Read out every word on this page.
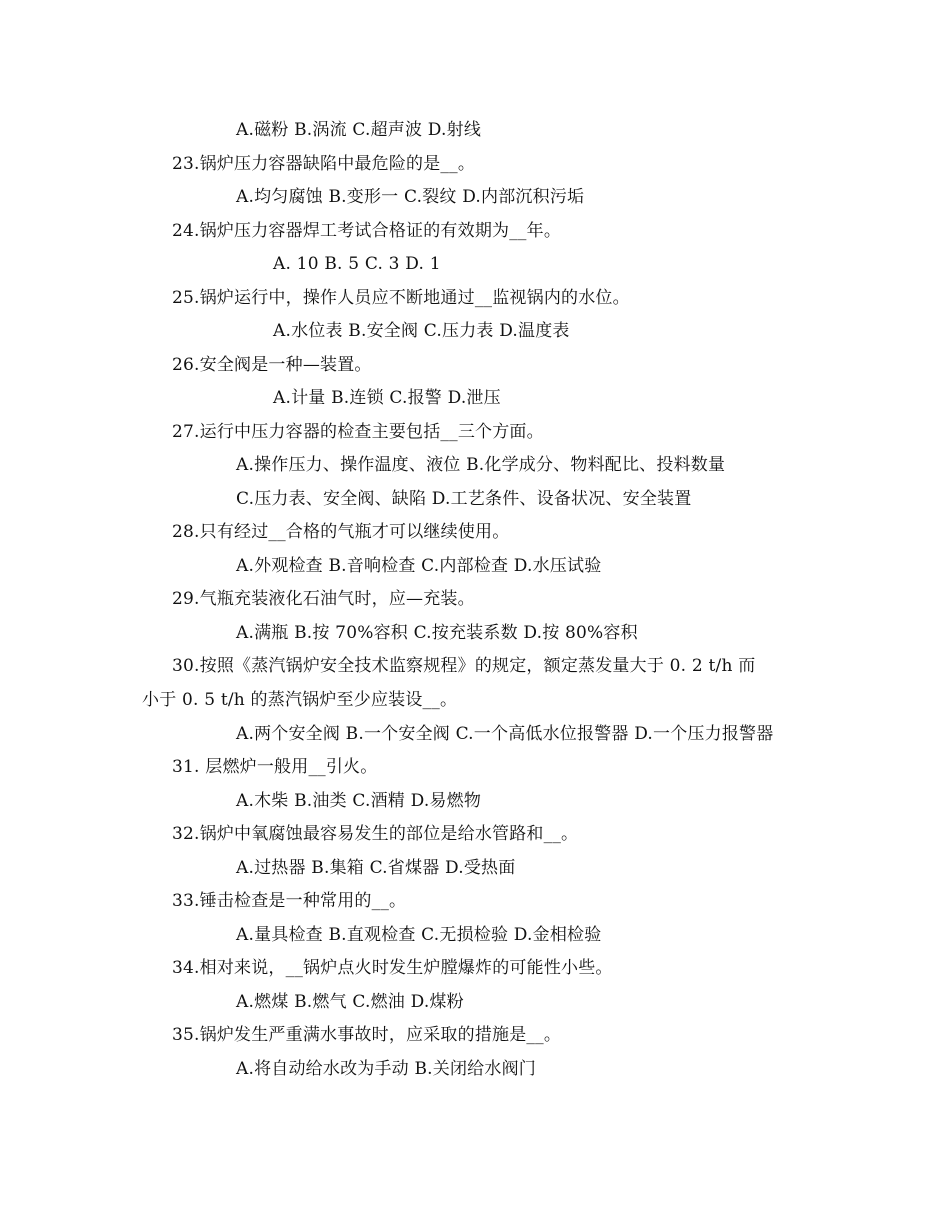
A.磁粉 B.涡流 C.超声波 D.射线
23.锅炉压力容器缺陷中最危险的是__。
A.均匀腐蚀 B.变形一 C.裂纹 D.内部沉积污垢
24.锅炉压力容器焊工考试合格证的有效期为__年。
A. 10 B. 5 C. 3 D. 1
25.锅炉运行中，操作人员应不断地通过__监视锅内的水位。
A.水位表 B.安全阀 C.压力表 D.温度表
26.安全阀是一种—装置。
A.计量 B.连锁 C.报警 D.泄压
27.运行中压力容器的检查主要包括__三个方面。
A.操作压力、操作温度、液位 B.化学成分、物料配比、投料数量
C.压力表、安全阀、缺陷 D.工艺条件、设备状况、安全装置
28.只有经过__合格的气瓶才可以继续使用。
A.外观检查 B.音响检查 C.内部检查 D.水压试验
29.气瓶充装液化石油气时，应—充装。
A.满瓶 B.按 70%容积 C.按充装系数 D.按 80%容积
30.按照《蒸汽锅炉安全技术监察规程》的规定，额定蒸发量大于 0. 2 t/h 而
小于 0. 5 t/h 的蒸汽锅炉至少应装设__。
A.两个安全阀 B.一个安全阀 C.一个高低水位报警器 D.一个压力报警器
31. 层燃炉一般用__引火。
A.木柴 B.油类 C.酒精 D.易燃物
32.锅炉中氧腐蚀最容易发生的部位是给水管路和__。
A.过热器 B.集箱 C.省煤器 D.受热面
33.锤击检查是一种常用的__。
A.量具检查 B.直观检查 C.无损检验 D.金相检验
34.相对来说，__锅炉点火时发生炉膛爆炸的可能性小些。
A.燃煤 B.燃气 C.燃油 D.煤粉
35.锅炉发生严重满水事故时，应采取的措施是__。
A.将自动给水改为手动 B.关闭给水阀门
